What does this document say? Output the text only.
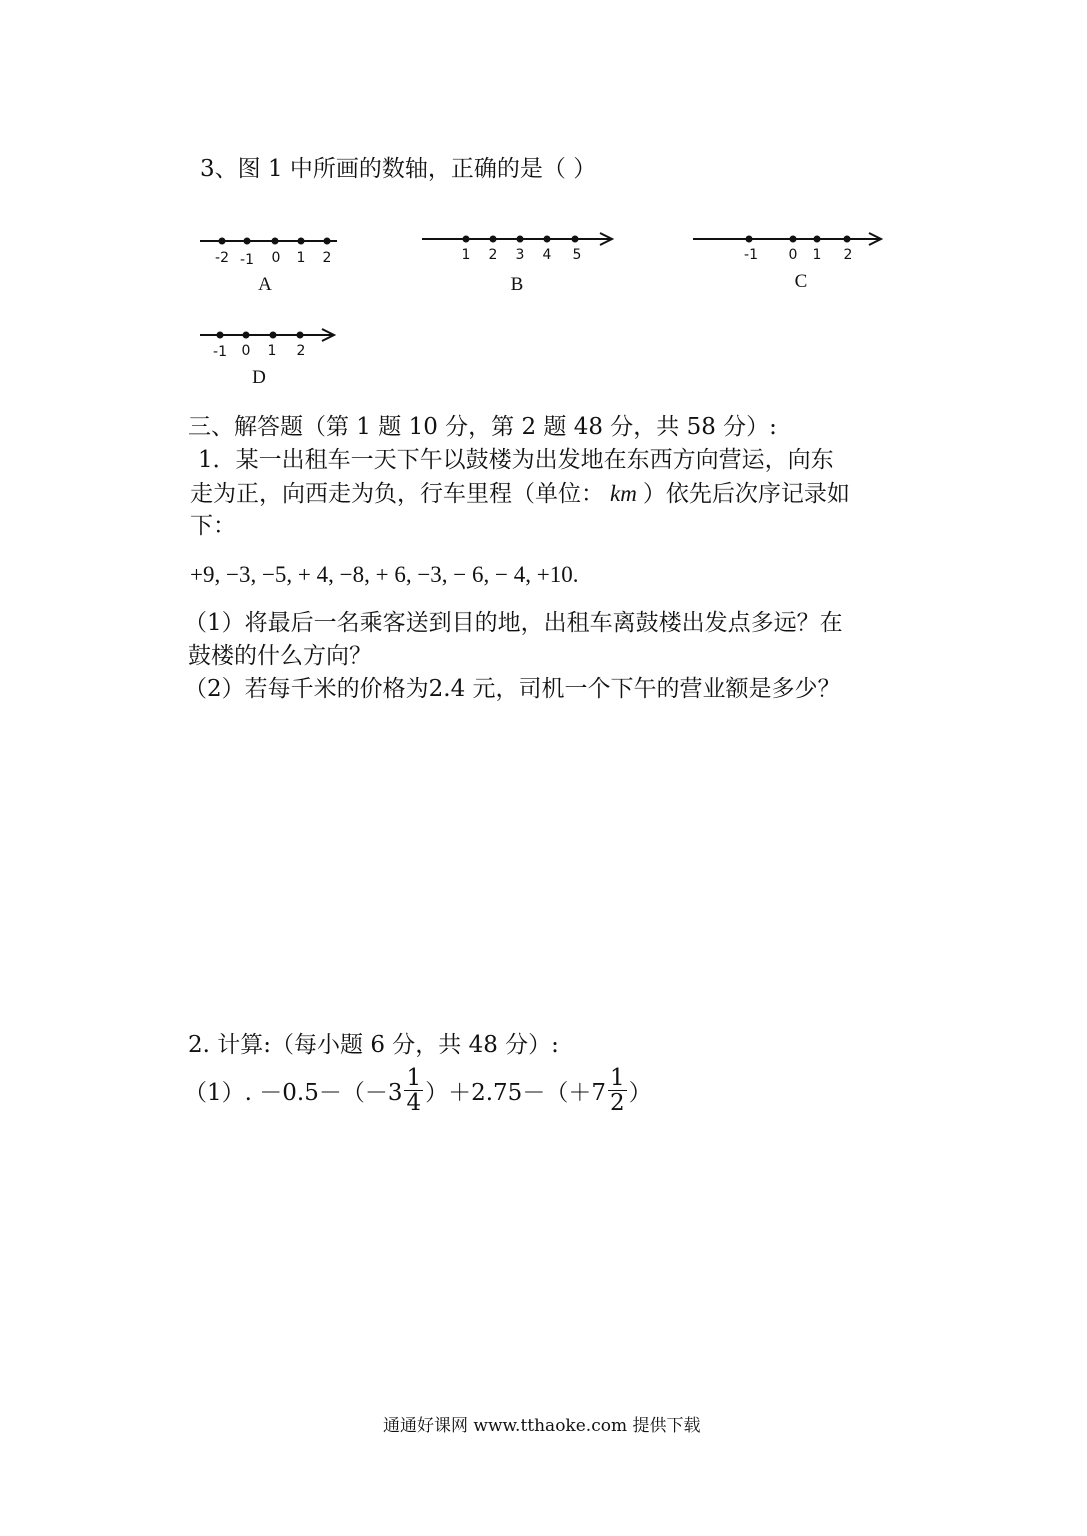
3、图 1 中所画的数轴，正确的是（ ）
-2 -1 0 1 2
A
1 2 3 4 5
B
-1 0 1 2
C
-1 0 1 2
D
三、解答题（第 1 题 10 分，第 2 题 48 分，共 58 分）:
1．某一出租车一天下午以鼓楼为出发地在东西方向营运，向东
走为正，向西走为负，行车里程（单位： km ）依先后次序记录如
下：
+9, −3, −5, + 4, −8, + 6, −3, − 6, − 4, +10.
（1）将最后一名乘客送到目的地，出租车离鼓楼出发点多远？在
鼓楼的什么方向？
（2）若每千米的价格为2.4 元，司机一个下午的营业额是多少？
2. 计算:（每小题 6 分，共 48 分）:
（1）. $-0.5-(-3 \frac{1}{4} )+2.75-(+7 \frac{1}{2}$ ）
通通好课网 www.tthaoke.com 提供下载
